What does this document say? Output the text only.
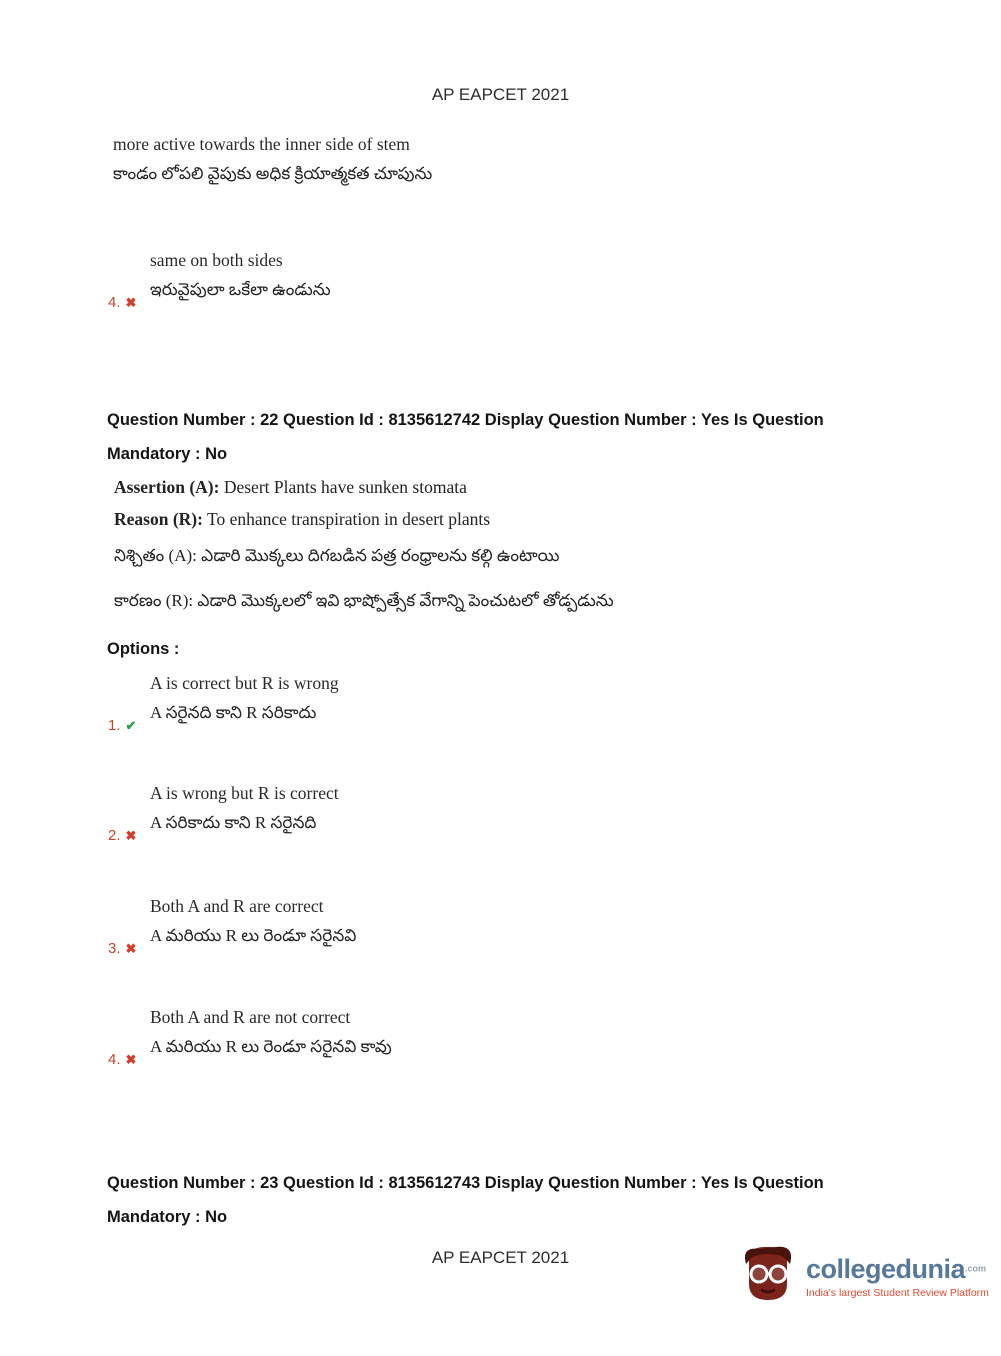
AP EAPCET 2021
more active towards the inner side of stem
కాండం లోపలి వైపుకు అధిక క్రియాత్మకత చూపును
4. ✖
same on both sides
ఇరువైపులా ఒకేలా ఉండును
Question Number : 22 Question Id : 8135612742 Display Question Number : Yes Is Question
Mandatory : No
Assertion (A): Desert Plants have sunken stomata
Reason (R): To enhance transpiration in desert plants
నిశ్చితం (A): ఎడారి మొక్కలు దిగబడిన పత్ర రంధ్రాలను కల్గి ఉంటాయి
కారణం (R): ఎడారి మొక్కలలో ఇవి భాష్పోత్సేక వేగాన్ని పెంచుటలో తోడ్పడును
Options :
1. ✔
A is correct but R is wrong
A సరైనది కాని R సరికాదు
2. ✖
A is wrong but R is correct
A సరికాదు కాని R సరైనది
3. ✖
Both A and R are correct
A మరియు R లు రెండూ సరైనవి
4. ✖
Both A and R are not correct
A మరియు R లు రెండూ సరైనవి కావు
Question Number : 23 Question Id : 8135612743 Display Question Number : Yes Is Question
Mandatory : No
AP EAPCET 2021	collegedunia$^{.com}$
India's largest Student Review Platform
